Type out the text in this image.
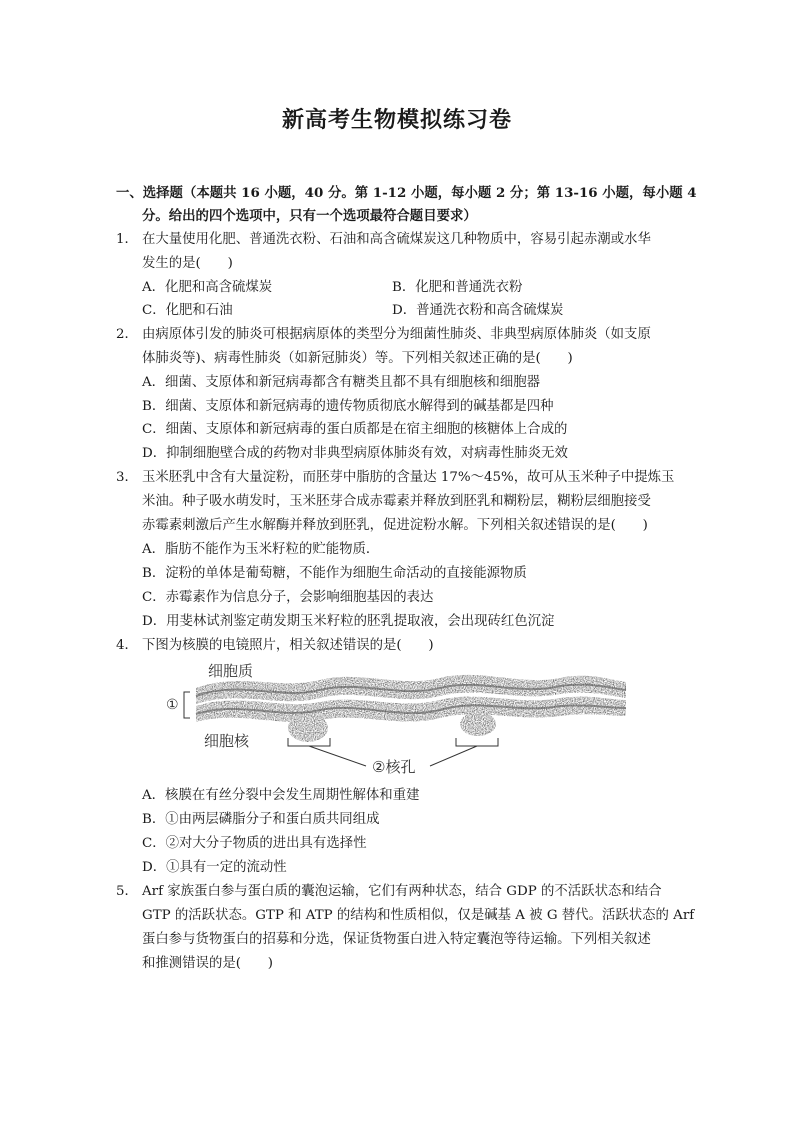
新高考生物模拟练习卷
一、选择题（本题共 16 小题，40 分。第 1-12 小题，每小题 2 分；第 13-16 小题，每小题 4
分。给出的四个选项中，只有一个选项最符合题目要求）
1． 在大量使用化肥、普通洗衣粉、石油和高含硫煤炭这几种物质中，容易引起赤潮或水华
发生的是(　　)
A．化肥和高含硫煤炭	B．化肥和普通洗衣粉
C．化肥和石油	D．普通洗衣粉和高含硫煤炭
2． 由病原体引发的肺炎可根据病原体的类型分为细菌性肺炎、非典型病原体肺炎（如支原
体肺炎等)、病毒性肺炎（如新冠肺炎）等。下列相关叙述正确的是(　　)
A．细菌、支原体和新冠病毒都含有糖类且都不具有细胞核和细胞器
B．细菌、支原体和新冠病毒的遗传物质彻底水解得到的碱基都是四种
C．细菌、支原体和新冠病毒的蛋白质都是在宿主细胞的核糖体上合成的
D．抑制细胞壁合成的药物对非典型病原体肺炎有效，对病毒性肺炎无效
3． 玉米胚乳中含有大量淀粉，而胚芽中脂肪的含量达 17%～45%，故可从玉米种子中提炼玉
米油。种子吸水萌发时，玉米胚芽合成赤霉素并释放到胚乳和糊粉层，糊粉层细胞接受
赤霉素刺激后产生水解酶并释放到胚乳，促进淀粉水解。下列相关叙述错误的是(　　)
A．脂肪不能作为玉米籽粒的贮能物质．
B．淀粉的单体是葡萄糖，不能作为细胞生命活动的直接能源物质
C．赤霉素作为信息分子，会影响细胞基因的表达
D．用斐林试剂鉴定萌发期玉米籽粒的胚乳提取液，会出现砖红色沉淀
4． 下图为核膜的电镜照片，相关叙述错误的是(　　)
细胞质
细胞核
①
②核孔
A．核膜在有丝分裂中会发生周期性解体和重建
B．①由两层磷脂分子和蛋白质共同组成
C．②对大分子物质的进出具有选择性
D．①具有一定的流动性
5． Arf 家族蛋白参与蛋白质的囊泡运输，它们有两种状态，结合 GDP 的不活跃状态和结合
GTP 的活跃状态。GTP 和 ATP 的结构和性质相似，仅是碱基 A 被 G 替代。活跃状态的 Arf
蛋白参与货物蛋白的招募和分选，保证货物蛋白进入特定囊泡等待运输。下列相关叙述
和推测错误的是(　　)
